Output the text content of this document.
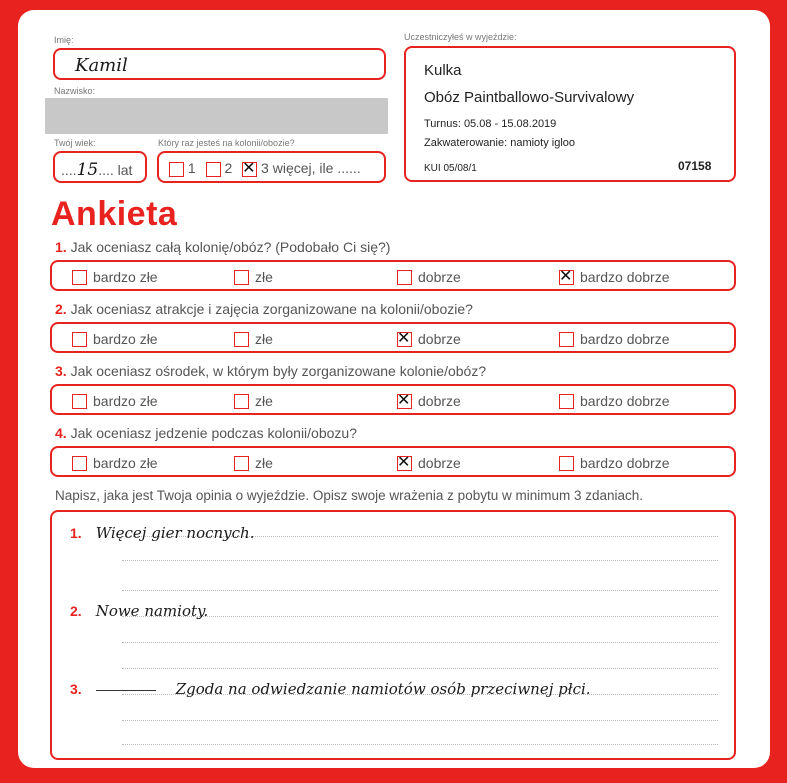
Imię:
Kamil
Nazwisko:
Twój wiek:
....15.... lat
Który raz jesteś na kolonii/obozie?
1 2 ✕ 3 więcej, ile ......
Uczestniczyłeś w wyjeździe:
Kulka
Obóz Paintballowo-Survivalowy
Turnus: 05.08 - 15.08.2019
Zakwaterowanie: namioty igloo
KUI 05/08/1	07158
Ankieta
1. Jak oceniasz całą kolonię/obóz? (Podobało Ci się?)
bardzo złe	złe	dobrze	✕ bardzo dobrze
2. Jak oceniasz atrakcje i zajęcia zorganizowane na kolonii/obozie?
bardzo złe	złe	✕ dobrze	bardzo dobrze
3. Jak oceniasz ośrodek, w którym były zorganizowane kolonie/obóz?
bardzo złe	złe	✕ dobrze	bardzo dobrze
4. Jak oceniasz jedzenie podczas kolonii/obozu?
bardzo złe	złe	✕ dobrze	bardzo dobrze
Napisz, jaka jest Twoja opinia o wyjeździe. Opisz swoje wrażenia z pobytu w minimum 3 zdaniach.
1. Więcej gier nocnych.
2. Nowe namioty.
3.	Zgoda na odwiedzanie namiotów osób przeciwnej płci.
